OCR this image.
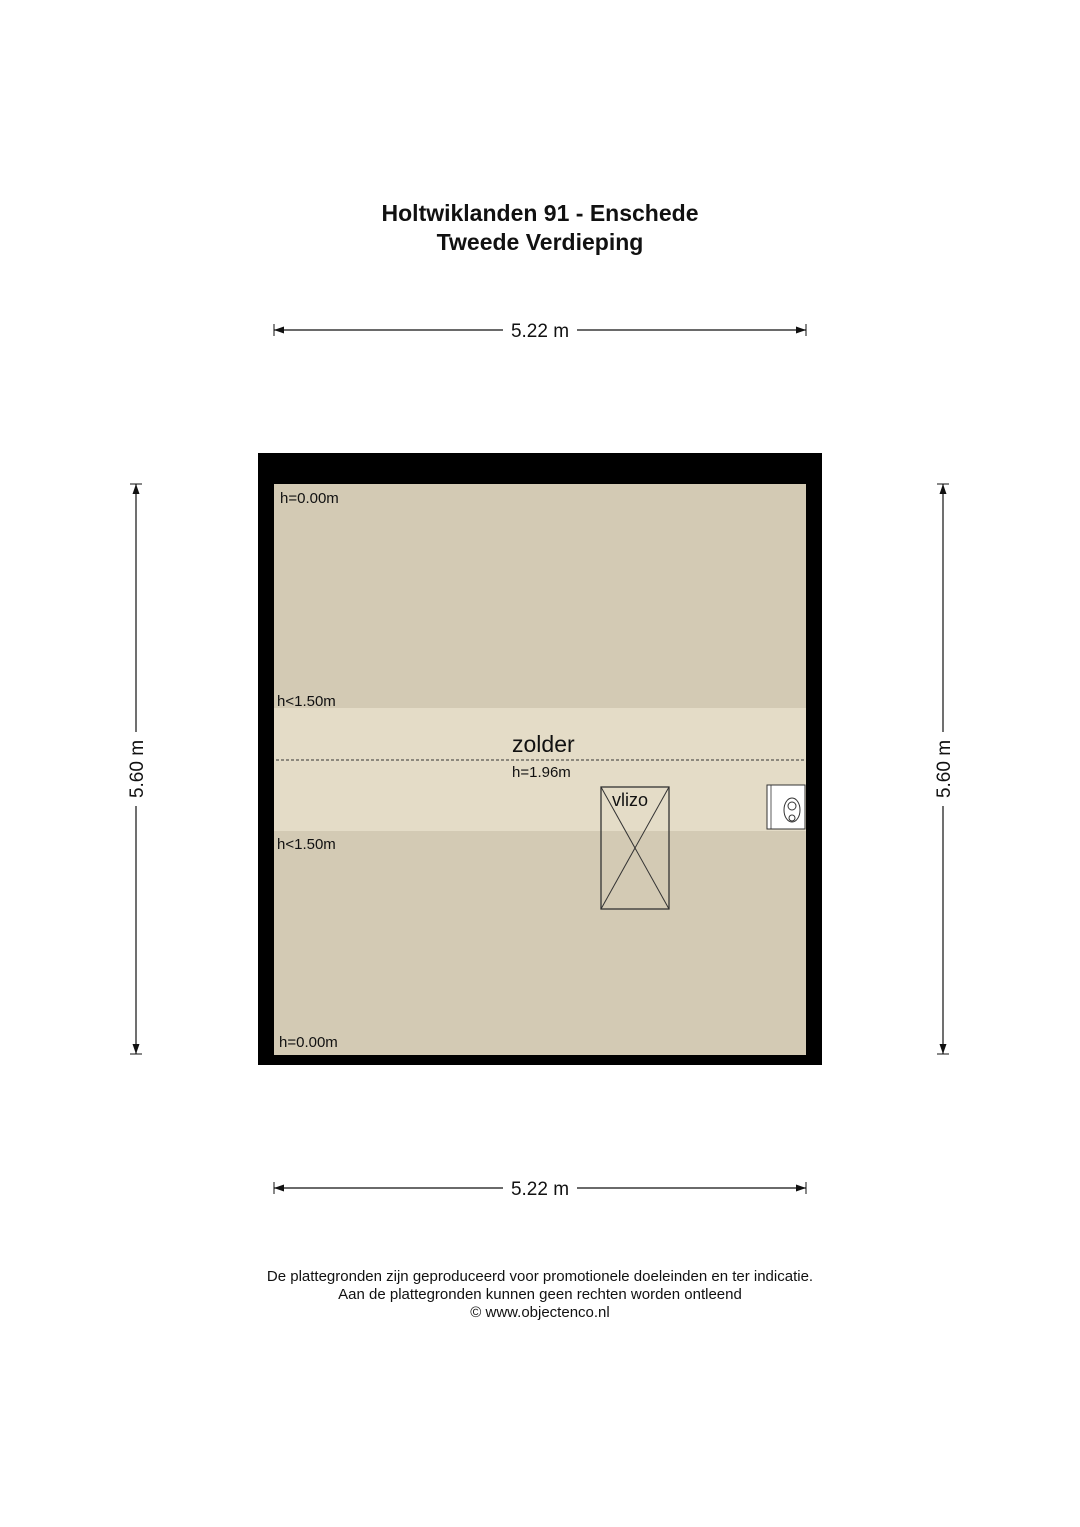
Holtwiklanden 91 - Enschede
Tweede Verdieping
5.22 m
5.22 m
5.60 m	5.60 m
h=0.00m
h<1.50m
h<1.50m
h=0.00m
zolder
h=1.96m
vlizo
De plattegronden zijn geproduceerd voor promotionele doeleinden en ter indicatie.
Aan de plattegronden kunnen geen rechten worden ontleend
© www.objectenco.nl
